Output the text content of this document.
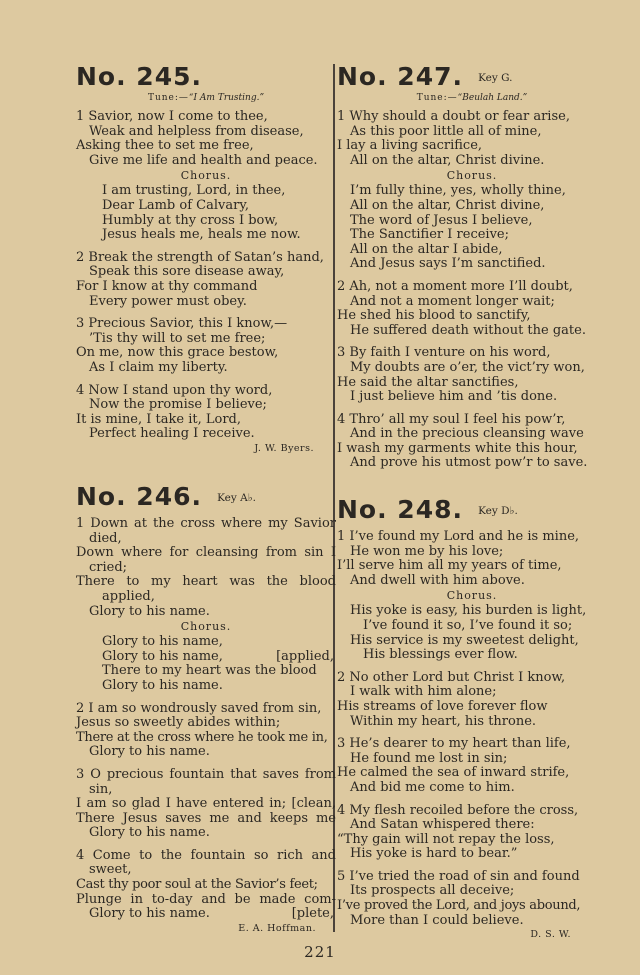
No. 245.
Tune:—“I Am Trusting.”
1 Savior, now I come to thee,
Weak and helpless from disease,
Asking thee to set me free,
Give me life and health and peace.
Chorus.
I am trusting, Lord, in thee,
Dear Lamb of Calvary,
Humbly at thy cross I bow,
Jesus heals me, heals me now.
2 Break the strength of Satan’s hand,
Speak this sore disease away,
For I know at thy command
Every power must obey.
3 Precious Savior, this I know,—
’Tis thy will to set me free;
On me, now this grace bestow,
As I claim my liberty.
4 Now I stand upon thy word,
Now the promise I believe;
It is mine, I take it, Lord,
Perfect healing I receive.
J. W. Byers.
No. 246. $^{Key A♭.}$
1 Down at the cross where my Savior
died,
Down where for cleansing from sin I
cried;
There to my heart was the blood
applied,
Glory to his name.
Chorus.
Glory to his name,
Glory to his name,	[applied,
There to my heart was the blood
Glory to his name.
2 I am so wondrously saved from sin,
Jesus so sweetly abides within;
There at the cross where he took me in,
Glory to his name.
3 O precious fountain that saves from
sin,
I am so glad I have entered in; [clean,
There Jesus saves me and keeps me
Glory to his name.
4 Come to the fountain so rich and
sweet,
Cast thy poor soul at the Savior’s feet;
Plunge in to-day and be made com-
Glory to his name.	[plete,
E. A. Hoffman.
No. 247. $^{Key G.}$
Tune:—“Beulah Land.”
1 Why should a doubt or fear arise,
As this poor little all of mine,
I lay a living sacrifice,
All on the altar, Christ divine.
Chorus.
I’m fully thine, yes, wholly thine,
All on the altar, Christ divine,
The word of Jesus I believe,
The Sanctifier I receive;
All on the altar I abide,
And Jesus says I’m sanctified.
2 Ah, not a moment more I’ll doubt,
And not a moment longer wait;
He shed his blood to sanctify,
He suffered death without the gate.
3 By faith I venture on his word,
My doubts are o’er, the vict’ry won,
He said the altar sanctifies,
I just believe him and ’tis done.
4 Thro’ all my soul I feel his pow’r,
And in the precious cleansing wave
I wash my garments white this hour,
And prove his utmost pow’r to save.
No. 248. $^{Key D♭.}$
1 I’ve found my Lord and he is mine,
He won me by his love;
I’ll serve him all my years of time,
And dwell with him above.
Chorus.
His yoke is easy, his burden is light,
I’ve found it so, I’ve found it so;
His service is my sweetest delight,
His blessings ever flow.
2 No other Lord but Christ I know,
I walk with him alone;
His streams of love forever flow
Within my heart, his throne.
3 He’s dearer to my heart than life,
He found me lost in sin;
He calmed the sea of inward strife,
And bid me come to him.
4 My flesh recoiled before the cross,
And Satan whispered there:
“Thy gain will not repay the loss,
His yoke is hard to bear.”
5 I’ve tried the road of sin and found
Its prospects all deceive;
I’ve proved the Lord, and joys abound,
More than I could believe.
D. S. W.
221
